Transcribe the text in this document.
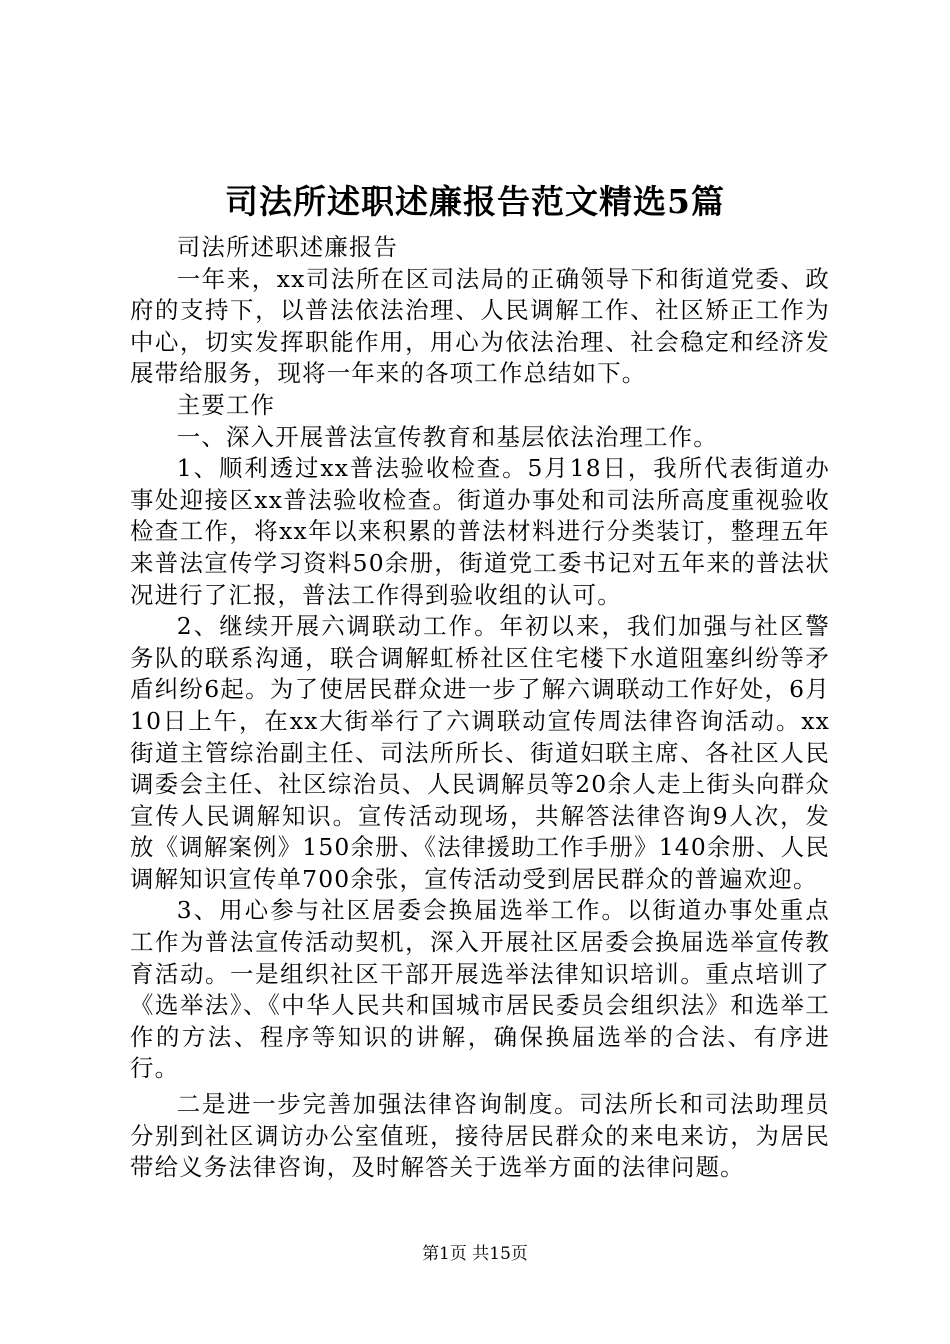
司法所述职述廉报告范文精选5篇

司法所述职述廉报告

一年来，xx司法所在区司法局的正确领导下和街道党委、政府的支持下，以普法依法治理、人民调解工作、社区矫正工作为中心，切实发挥职能作用，用心为依法治理、社会稳定和经济发展带给服务，现将一年来的各项工作总结如下。

主要工作

一、深入开展普法宣传教育和基层依法治理工作。

1、顺利透过xx普法验收检查。5月18日，我所代表街道办事处迎接区xx普法验收检查。街道办事处和司法所高度重视验收检查工作，将xx年以来积累的普法材料进行分类装订，整理五年来普法宣传学习资料50余册，街道党工委书记对五年来的普法状况进行了汇报，普法工作得到验收组的认可。

2、继续开展六调联动工作。年初以来，我们加强与社区警务队的联系沟通，联合调解虹桥社区住宅楼下水道阻塞纠纷等矛盾纠纷6起。为了使居民群众进一步了解六调联动工作好处，6月10日上午，在xx大街举行了六调联动宣传周法律咨询活动。xx街道主管综治副主任、司法所所长、街道妇联主席、各社区人民调委会主任、社区综治员、人民调解员等20余人走上街头向群众宣传人民调解知识。宣传活动现场，共解答法律咨询9人次，发放《调解案例》150余册、《法律援助工作手册》140余册、人民调解知识宣传单700余张，宣传活动受到居民群众的普遍欢迎。

3、用心参与社区居委会换届选举工作。以街道办事处重点工作为普法宣传活动契机，深入开展社区居委会换届选举宣传教育活动。一是组织社区干部开展选举法律知识培训。重点培训了《选举法》、《中华人民共和国城市居民委员会组织法》和选举工作的方法、程序等知识的讲解，确保换届选举的合法、有序进行。

二是进一步完善加强法律咨询制度。司法所长和司法助理员分别到社区调访办公室值班，接待居民群众的来电来访，为居民带给义务法律咨询，及时解答关于选举方面的法律问题。

第1页 共15页
